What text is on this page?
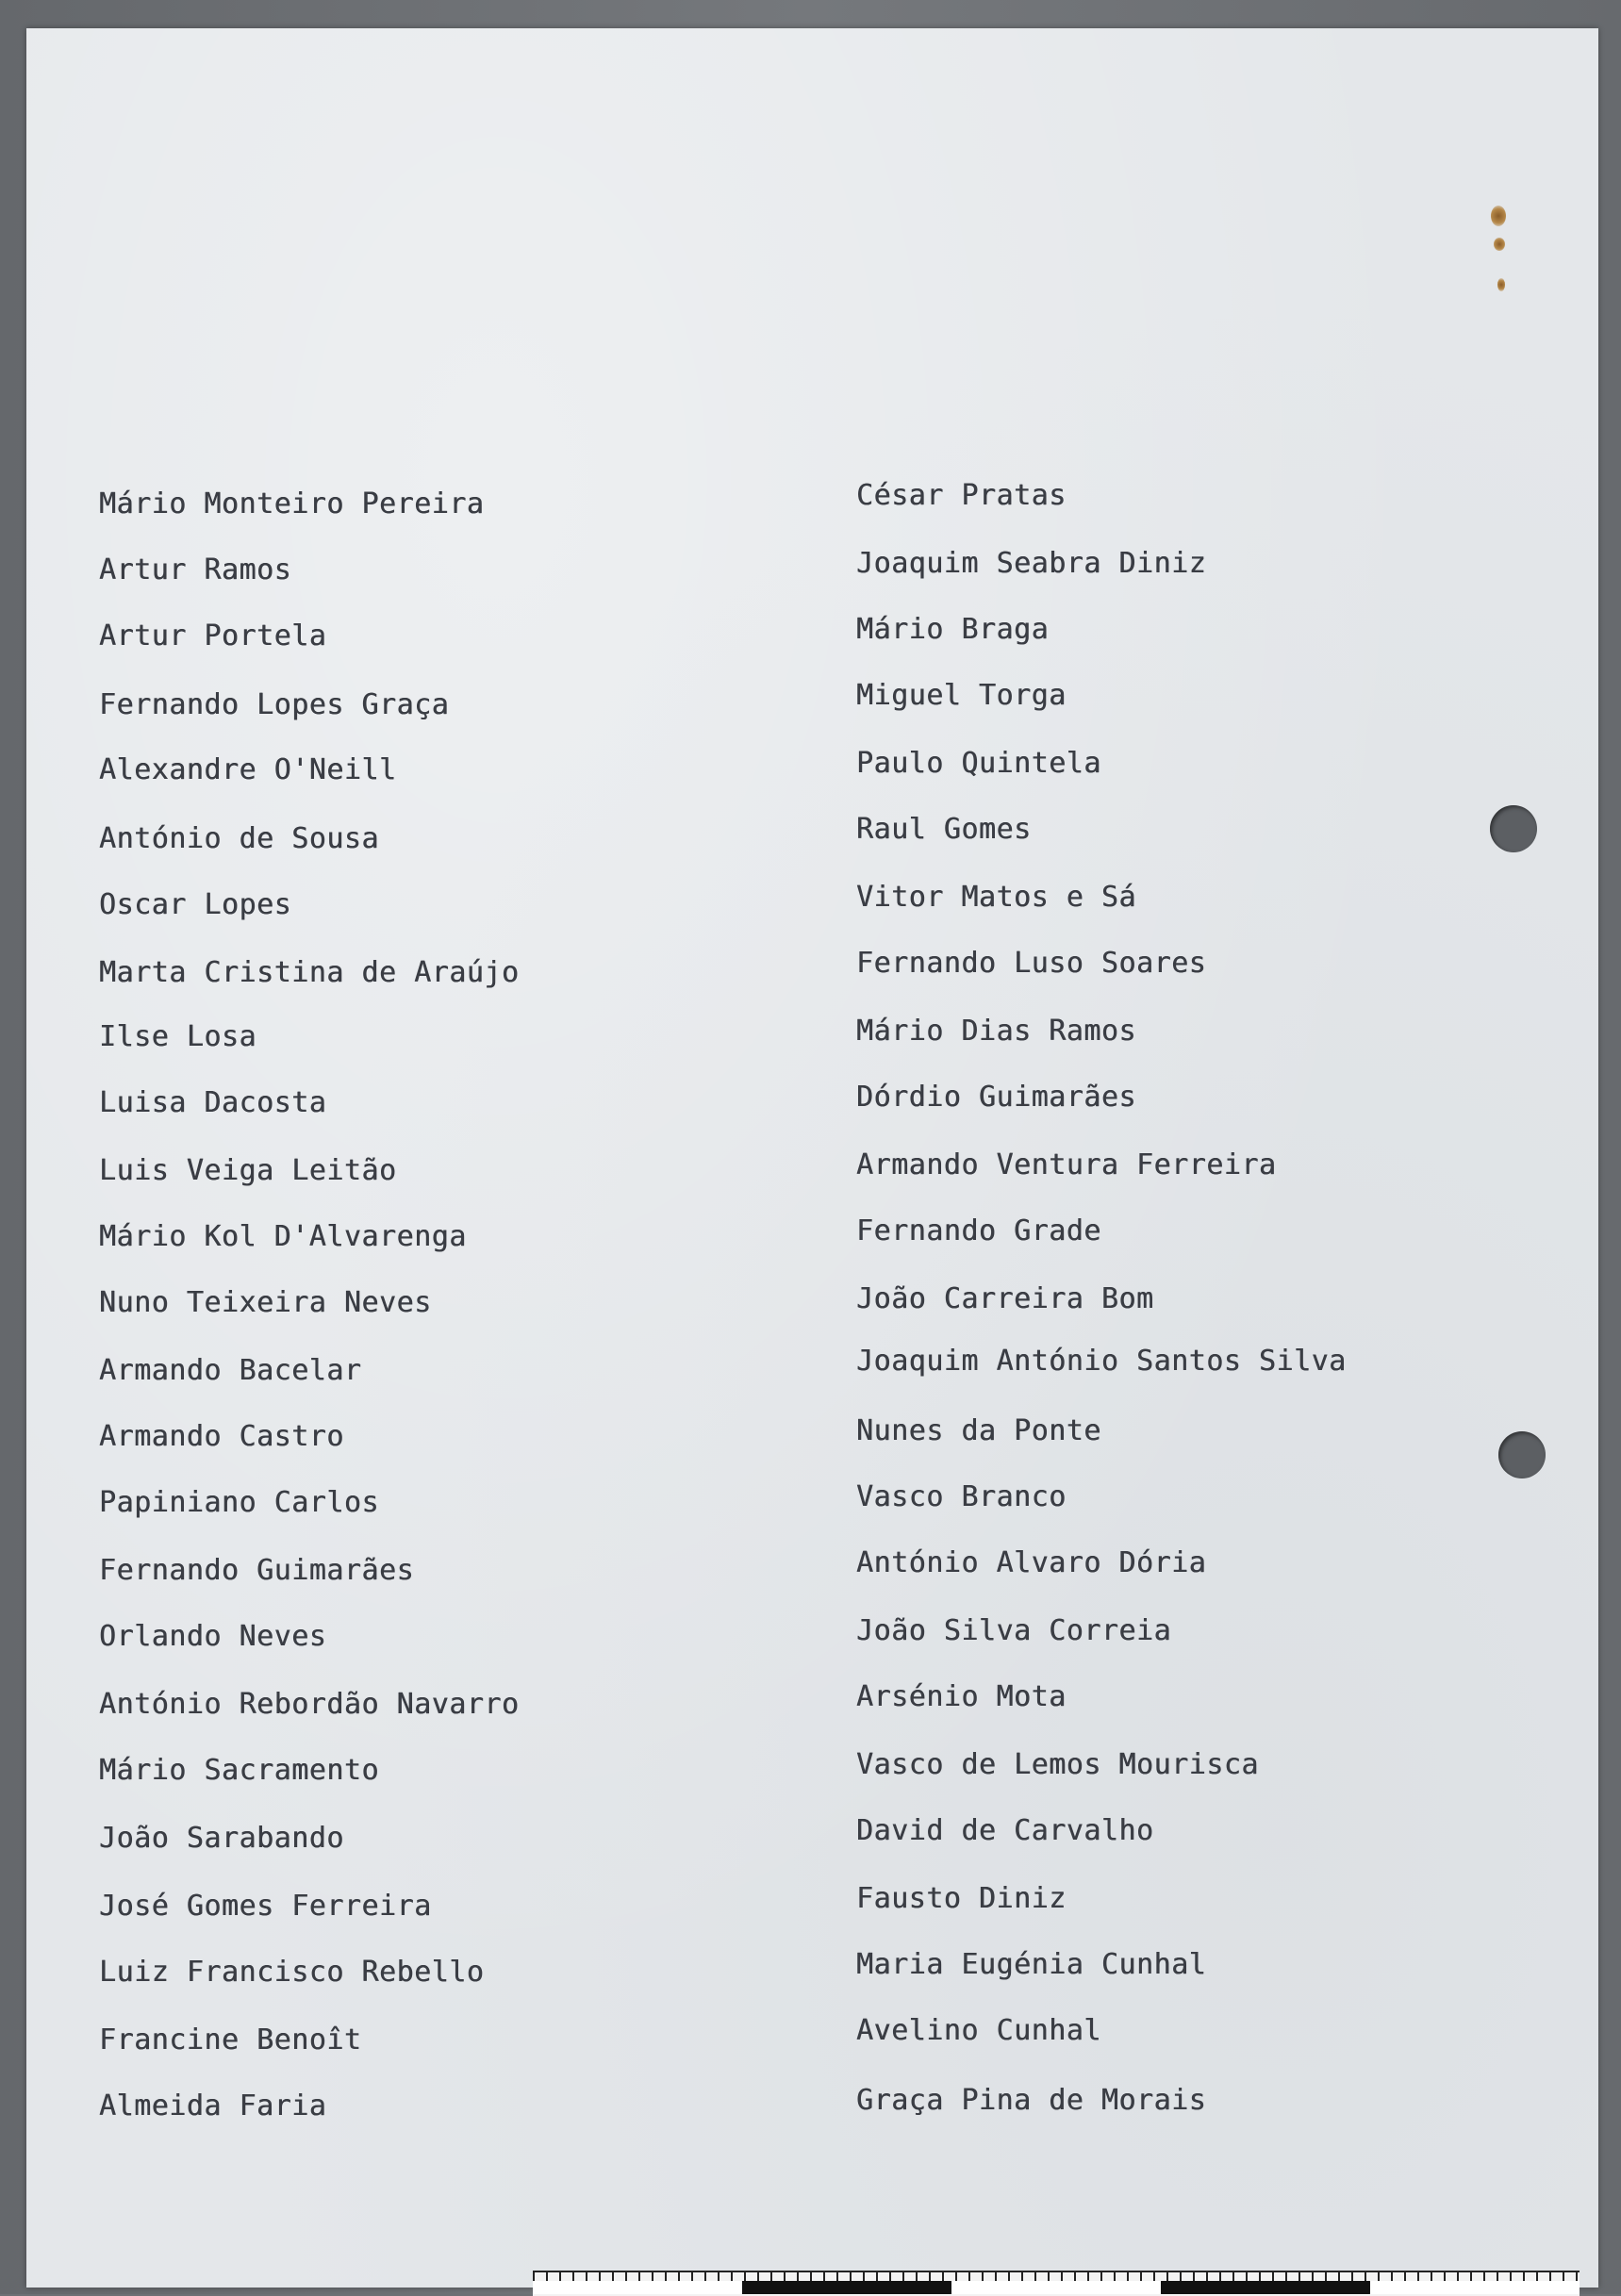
Mário Monteiro Pereira
Artur Ramos
Artur Portela
Fernando Lopes Graça
Alexandre O'Neill
António de Sousa
Oscar Lopes
Marta Cristina de Araújo
Ilse Losa
Luisa Dacosta
Luis Veiga Leitão
Mário Kol D'Alvarenga
Nuno Teixeira Neves
Armando Bacelar
Armando Castro
Papiniano Carlos
Fernando Guimarães
Orlando Neves
António Rebordão Navarro
Mário Sacramento
João Sarabando
José Gomes Ferreira
Luiz Francisco Rebello
Francine Benoît
Almeida Faria
César Pratas
Joaquim Seabra Diniz
Mário Braga
Miguel Torga
Paulo Quintela
Raul Gomes
Vitor Matos e Sá
Fernando Luso Soares
Mário Dias Ramos
Dórdio Guimarães
Armando Ventura Ferreira
Fernando Grade
João Carreira Bom
Joaquim António Santos Silva
Nunes da Ponte
Vasco Branco
António Alvaro Dória
João Silva Correia
Arsénio Mota
Vasco de Lemos Mourisca
David de Carvalho
Fausto Diniz
Maria Eugénia Cunhal
Avelino Cunhal
Graça Pina de Morais
